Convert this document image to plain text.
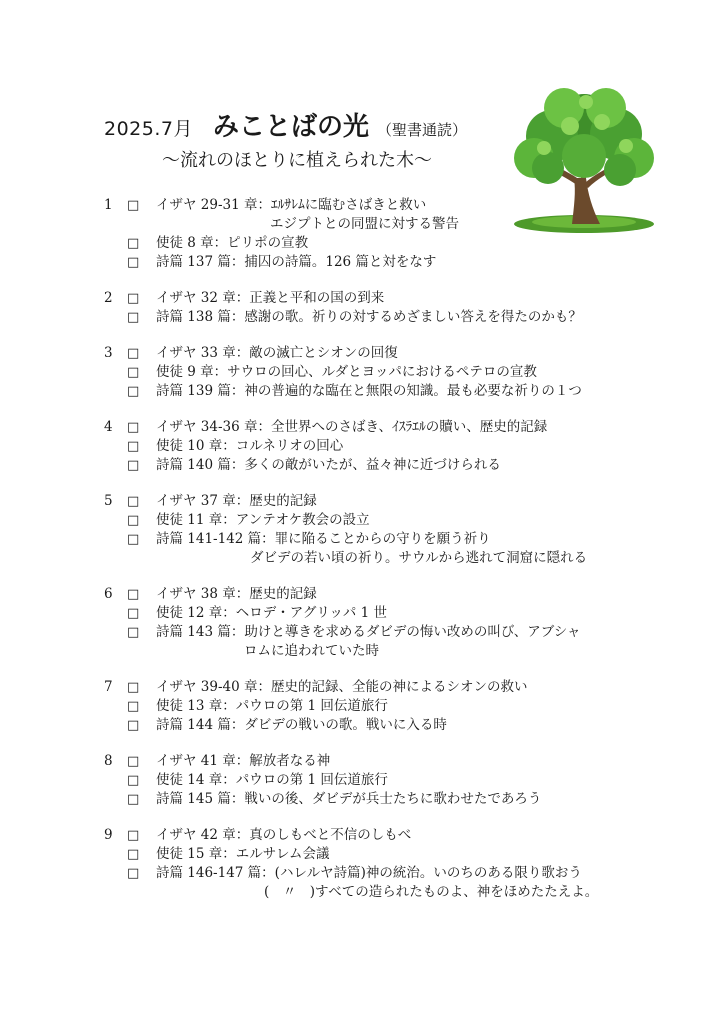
2025.7月 みことばの光 （聖書通読）
〜流れのほとりに植えられた木〜
1 □ イザヤ 29-31 章：ｴﾙｻﾚﾑに臨むさばきと救い
エジプトとの同盟に対する警告
□ 使徒 8 章：ピリポの宣教
□ 詩篇 137 篇：捕囚の詩篇。126 篇と対をなす
2 □ イザヤ 32 章：正義と平和の国の到来
□ 詩篇 138 篇：感謝の歌。祈りの対するめざましい答えを得たのかも？
3 □ イザヤ 33 章：敵の滅亡とシオンの回復
□ 使徒 9 章：サウロの回心、ルダとヨッパにおけるペテロの宣教
□ 詩篇 139 篇：神の普遍的な臨在と無限の知識。最も必要な祈りの１つ
4 □ イザヤ 34-36 章：全世界へのさばき、ｲｽﾗｴﾙの贖い、歴史的記録
□ 使徒 10 章：コルネリオの回心
□ 詩篇 140 篇：多くの敵がいたが、益々神に近づけられる
5 □ イザヤ 37 章：歴史的記録
□ 使徒 11 章：アンテオケ教会の設立
□ 詩篇 141-142 篇：罪に陥ることからの守りを願う祈り
ダビデの若い頃の祈り。サウルから逃れて洞窟に隠れる
6 □ イザヤ 38 章：歴史的記録
□ 使徒 12 章：ヘロデ・アグリッパ 1 世
□ 詩篇 143 篇：助けと導きを求めるダビデの悔い改めの叫び、アブシャ
ロムに追われていた時
7 □ イザヤ 39-40 章：歴史的記録、全能の神によるシオンの救い
□ 使徒 13 章：パウロの第 1 回伝道旅行
□ 詩篇 144 篇：ダビデの戦いの歌。戦いに入る時
8 □ イザヤ 41 章：解放者なる神
□ 使徒 14 章：パウロの第 1 回伝道旅行
□ 詩篇 145 篇：戦いの後、ダビデが兵士たちに歌わせたであろう
9 □ イザヤ 42 章：真のしもべと不信のしもべ
□ 使徒 15 章：エルサレム会議
□ 詩篇 146-147 篇：(ハレルヤ詩篇)神の統治。いのちのある限り歌おう
(　〃　)すべての造られたものよ、神をほめたたえよ。
